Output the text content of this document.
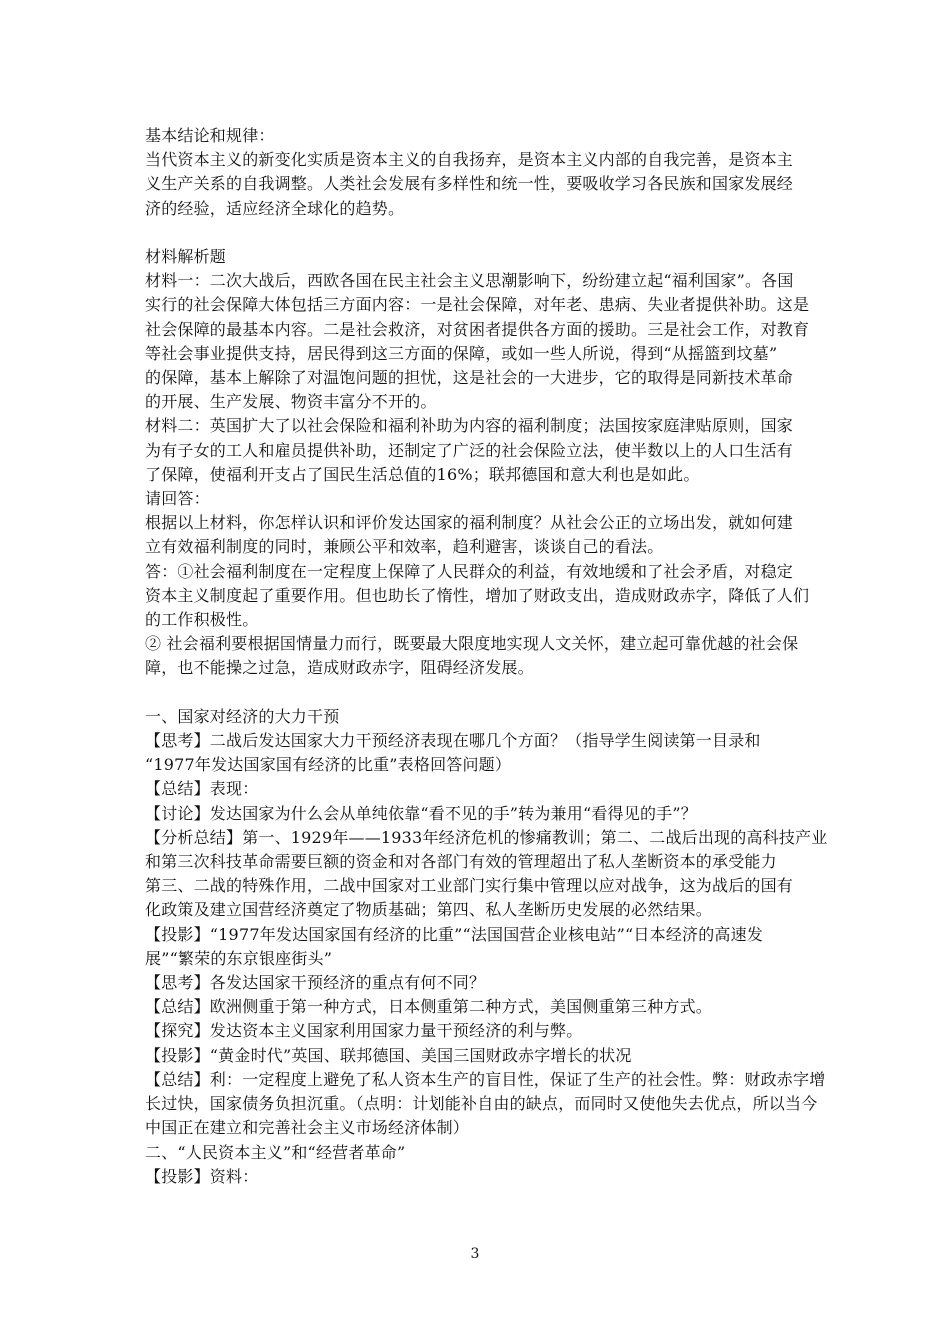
基本结论和规律：
当代资本主义的新变化实质是资本主义的自我扬弃，是资本主义内部的自我完善，是资本主
义生产关系的自我调整。人类社会发展有多样性和统一性，要吸收学习各民族和国家发展经
济的经验，适应经济全球化的趋势。
材料解析题
材料一：二次大战后，西欧各国在民主社会主义思潮影响下，纷纷建立起“福利国家”。各国
实行的社会保障大体包括三方面内容：一是社会保障，对年老、患病、失业者提供补助。这是
社会保障的最基本内容。二是社会救济，对贫困者提供各方面的援助。三是社会工作，对教育
等社会事业提供支持，居民得到这三方面的保障，或如一些人所说，得到“从摇篮到坟墓”
的保障，基本上解除了对温饱问题的担忧，这是社会的一大进步，它的取得是同新技术革命
的开展、生产发展、物资丰富分不开的。
材料二：英国扩大了以社会保险和福利补助为内容的福利制度；法国按家庭津贴原则，国家
为有子女的工人和雇员提供补助，还制定了广泛的社会保险立法，使半数以上的人口生活有
了保障，使福利开支占了国民生活总值的16%；联邦德国和意大利也是如此。
请回答：
根据以上材料，你怎样认识和评价发达国家的福利制度？从社会公正的立场出发，就如何建
立有效福利制度的同时，兼顾公平和效率，趋利避害，谈谈自己的看法。
答：①社会福利制度在一定程度上保障了人民群众的利益，有效地缓和了社会矛盾，对稳定
资本主义制度起了重要作用。但也助长了惰性，增加了财政支出，造成财政赤字，降低了人们
的工作积极性。
② 社会福利要根据国情量力而行，既要最大限度地实现人文关怀，建立起可靠优越的社会保
障，也不能操之过急，造成财政赤字，阻碍经济发展。
一、国家对经济的大力干预
【思考】二战后发达国家大力干预经济表现在哪几个方面？（指导学生阅读第一目录和
“1977年发达国家国有经济的比重”表格回答问题）
【总结】表现：
【讨论】发达国家为什么会从单纯依靠“看不见的手”转为兼用“看得见的手”？
【分析总结】第一、1929年——1933年经济危机的惨痛教训；第二、二战后出现的高科技产业
和第三次科技革命需要巨额的资金和对各部门有效的管理超出了私人垄断资本的承受能力
第三、二战的特殊作用，二战中国家对工业部门实行集中管理以应对战争，这为战后的国有
化政策及建立国营经济奠定了物质基础；第四、私人垄断历史发展的必然结果。
【投影】“1977年发达国家国有经济的比重”“法国国营企业核电站”“日本经济的高速发
展”“繁荣的东京银座街头”
【思考】各发达国家干预经济的重点有何不同？
【总结】欧洲侧重于第一种方式，日本侧重第二种方式，美国侧重第三种方式。
【探究】发达资本主义国家利用国家力量干预经济的利与弊。
【投影】“黄金时代”英国、联邦德国、美国三国财政赤字增长的状况
【总结】利：一定程度上避免了私人资本生产的盲目性，保证了生产的社会性。弊：财政赤字增
长过快，国家债务负担沉重。（点明：计划能补自由的缺点，而同时又使他失去优点，所以当今
中国正在建立和完善社会主义市场经济体制）
二、“人民资本主义”和“经营者革命”
【投影】资料：
3
